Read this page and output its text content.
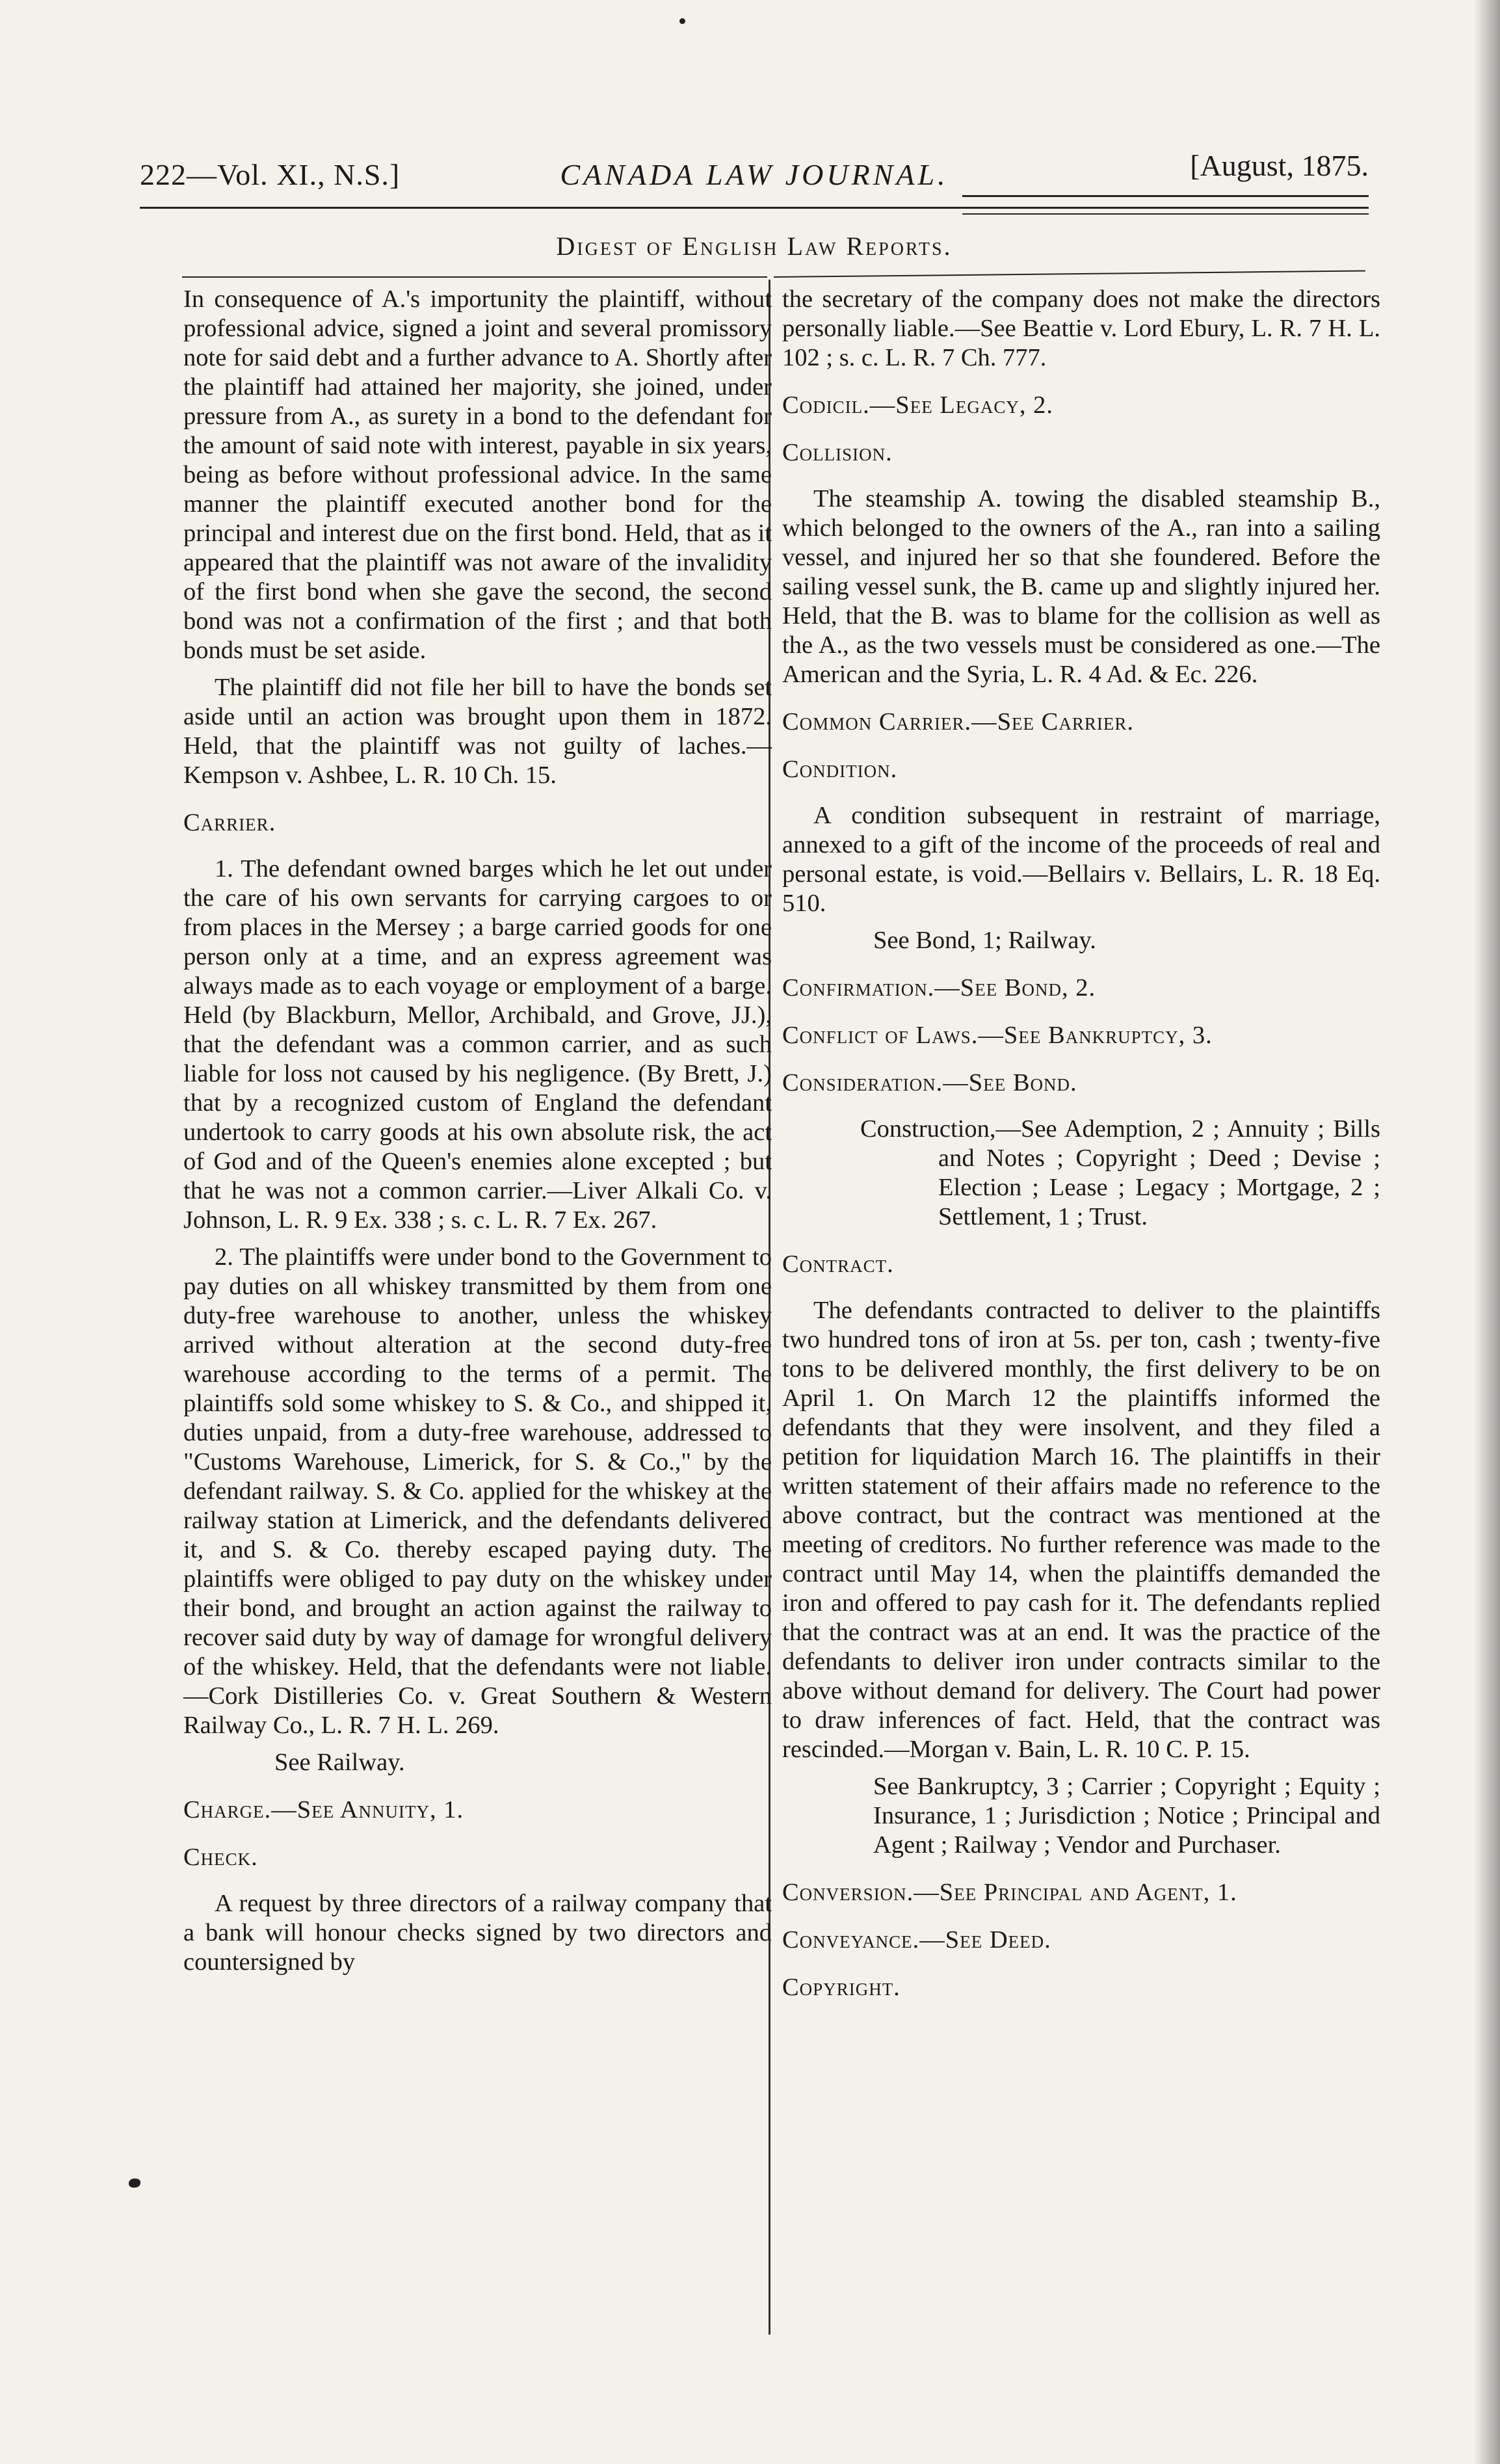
222—Vol. XI., N.S.]	CANADA LAW JOURNAL.	[August, 1875.
Digest of English Law Reports.

In consequence of A.'s importunity the plaintiff, without professional advice, signed a joint and several promissory note for said debt and a further advance to A. Shortly after the plaintiff had attained her majority, she joined, under pressure from A., as surety in a bond to the defendant for the amount of said note with interest, payable in six years, being as before without professional advice. In the same manner the plaintiff executed another bond for the principal and interest due on the first bond. Held, that as it appeared that the plaintiff was not aware of the invalidity of the first bond when she gave the second, the second bond was not a confirmation of the first ; and that both bonds must be set aside.

The plaintiff did not file her bill to have the bonds set aside until an action was brought upon them in 1872. Held, that the plaintiff was not guilty of laches.—Kempson v. Ashbee, L. R. 10 Ch. 15.

Carrier.

1. The defendant owned barges which he let out under the care of his own servants for carrying cargoes to or from places in the Mersey ; a barge carried goods for one person only at a time, and an express agreement was always made as to each voyage or employment of a barge. Held (by Blackburn, Mellor, Archibald, and Grove, JJ.), that the defendant was a common carrier, and as such liable for loss not caused by his negligence. (By Brett, J.) that by a recognized custom of England the defendant undertook to carry goods at his own absolute risk, the act of God and of the Queen's enemies alone excepted ; but that he was not a common carrier.—Liver Alkali Co. v. Johnson, L. R. 9 Ex. 338 ; s. c. L. R. 7 Ex. 267.

2. The plaintiffs were under bond to the Government to pay duties on all whiskey transmitted by them from one duty-free warehouse to another, unless the whiskey arrived without alteration at the second duty-free warehouse according to the terms of a permit. The plaintiffs sold some whiskey to S. & Co., and shipped it, duties unpaid, from a duty-free warehouse, addressed to "Customs Warehouse, Limerick, for S. & Co.," by the defendant railway. S. & Co. applied for the whiskey at the railway station at Limerick, and the defendants delivered it, and S. & Co. thereby escaped paying duty. The plaintiffs were obliged to pay duty on the whiskey under their bond, and brought an action against the railway to recover said duty by way of damage for wrongful delivery of the whiskey. Held, that the defendants were not liable.—Cork Distilleries Co. v. Great Southern & Western Railway Co., L. R. 7 H. L. 269.

See Railway.

Charge.—See Annuity, 1.

Check.

A request by three directors of a railway company that a bank will honour checks signed by two directors and countersigned by

the secretary of the company does not make the directors personally liable.—See Beattie v. Lord Ebury, L. R. 7 H. L. 102 ; s. c. L. R. 7 Ch. 777.

Codicil.—See Legacy, 2.

Collision.

The steamship A. towing the disabled steamship B., which belonged to the owners of the A., ran into a sailing vessel, and injured her so that she foundered. Before the sailing vessel sunk, the B. came up and slightly injured her. Held, that the B. was to blame for the collision as well as the A., as the two vessels must be considered as one.—The American and the Syria, L. R. 4 Ad. & Ec. 226.

Common Carrier.—See Carrier.

Condition.

A condition subsequent in restraint of marriage, annexed to a gift of the income of the proceeds of real and personal estate, is void.—Bellairs v. Bellairs, L. R. 18 Eq. 510.

See Bond, 1; Railway.

Confirmation.—See Bond, 2.

Conflict of Laws.—See Bankruptcy, 3.

Consideration.—See Bond.

Construction,—See Ademption, 2 ; Annuity ; Bills and Notes ; Copyright ; Deed ; Devise ; Election ; Lease ; Legacy ; Mortgage, 2 ; Settlement, 1 ; Trust.

Contract.

The defendants contracted to deliver to the plaintiffs two hundred tons of iron at 5s. per ton, cash ; twenty-five tons to be delivered monthly, the first delivery to be on April 1. On March 12 the plaintiffs informed the defendants that they were insolvent, and they filed a petition for liquidation March 16. The plaintiffs in their written statement of their affairs made no reference to the above contract, but the contract was mentioned at the meeting of creditors. No further reference was made to the contract until May 14, when the plaintiffs demanded the iron and offered to pay cash for it. The defendants replied that the contract was at an end. It was the practice of the defendants to deliver iron under contracts similar to the above without demand for delivery. The Court had power to draw inferences of fact. Held, that the contract was rescinded.—Morgan v. Bain, L. R. 10 C. P. 15.

See Bankruptcy, 3 ; Carrier ; Copyright ; Equity ; Insurance, 1 ; Jurisdiction ; Notice ; Principal and Agent ; Railway ; Vendor and Purchaser.

Conversion.—See Principal and Agent, 1.

Conveyance.—See Deed.

Copyright.
